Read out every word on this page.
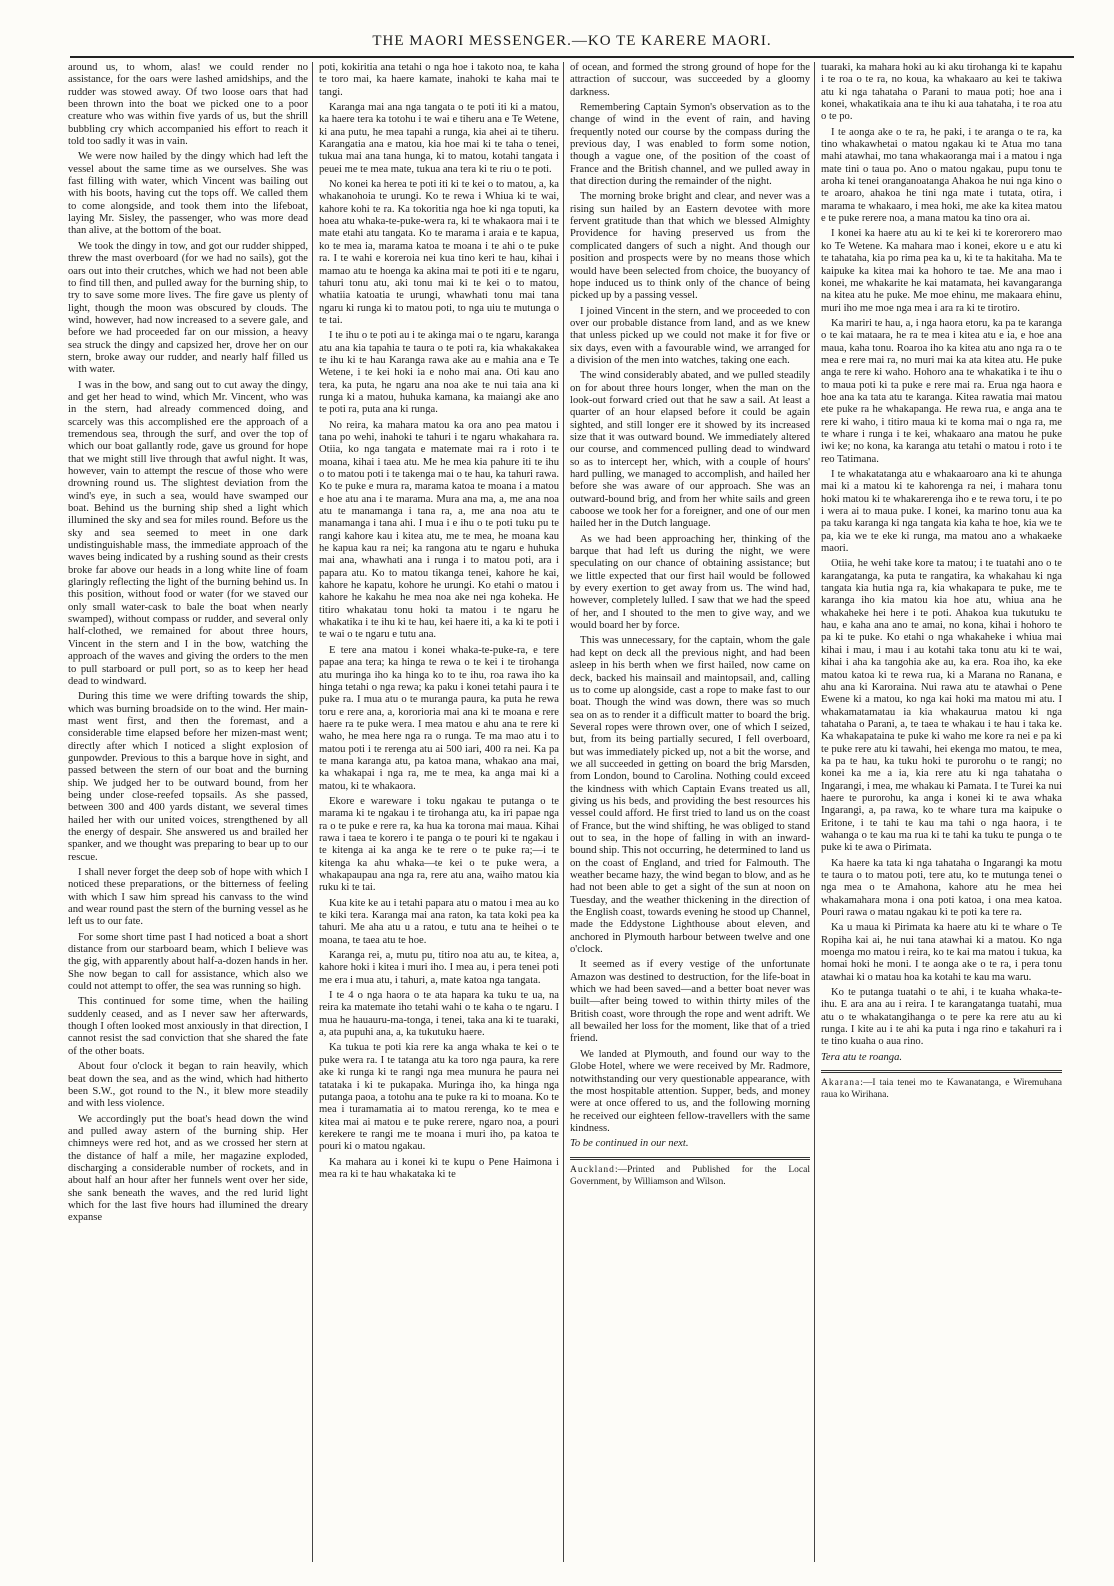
THE MAORI MESSENGER.—KO TE KARERE MAORI.

around us, to whom, alas! we could render no assistance, for the oars were lashed amidships, and the rudder was stowed away. Of two loose oars that had been thrown into the boat we picked one to a poor creature who was within five yards of us, but the shrill bubbling cry which accompanied his effort to reach it told too sadly it was in vain.

We were now hailed by the dingy which had left the vessel about the same time as we ourselves. She was fast filling with water, which Vincent was bailing out with his boots, having cut the tops off. We called them to come alongside, and took them into the lifeboat, laying Mr. Sisley, the passenger, who was more dead than alive, at the bottom of the boat.

We took the dingy in tow, and got our rudder shipped, threw the mast overboard (for we had no sails), got the oars out into their crutches, which we had not been able to find till then, and pulled away for the burning ship, to try to save some more lives. The fire gave us plenty of light, though the moon was obscured by clouds. The wind, however, had now increased to a severe gale, and before we had proceeded far on our mission, a heavy sea struck the dingy and capsized her, drove her on our stern, broke away our rudder, and nearly half filled us with water.

I was in the bow, and sang out to cut away the dingy, and get her head to wind, which Mr. Vincent, who was in the stern, had already commenced doing, and scarcely was this accomplished ere the approach of a tremendous sea, through the surf, and over the top of which our boat gallantly rode, gave us ground for hope that we might still live through that awful night. It was, however, vain to attempt the rescue of those who were drowning round us. The slightest deviation from the wind's eye, in such a sea, would have swamped our boat. Behind us the burning ship shed a light which illumined the sky and sea for miles round. Before us the sky and sea seemed to meet in one dark undistinguishable mass, the immediate approach of the waves being indicated by a rushing sound as their crests broke far above our heads in a long white line of foam glaringly reflecting the light of the burning behind us. In this position, without food or water (for we staved our only small water-cask to bale the boat when nearly swamped), without compass or rudder, and several only half-clothed, we remained for about three hours, Vincent in the stern and I in the bow, watching the approach of the waves and giving the orders to the men to pull starboard or pull port, so as to keep her head dead to windward.

During this time we were drifting towards the ship, which was burning broadside on to the wind. Her main-mast went first, and then the foremast, and a considerable time elapsed before her mizen-mast went; directly after which I noticed a slight explosion of gunpowder. Previous to this a barque hove in sight, and passed between the stern of our boat and the burning ship. We judged her to be outward bound, from her being under close-reefed topsails. As she passed, between 300 and 400 yards distant, we several times hailed her with our united voices, strengthened by all the energy of despair. She answered us and brailed her spanker, and we thought was preparing to bear up to our rescue.

I shall never forget the deep sob of hope with which I noticed these preparations, or the bitterness of feeling with which I saw him spread his canvass to the wind and wear round past the stern of the burning vessel as he left us to our fate.

For some short time past I had noticed a boat a short distance from our starboard beam, which I believe was the gig, with apparently about half-a-dozen hands in her. She now began to call for assistance, which also we could not attempt to offer, the sea was running so high.

This continued for some time, when the hailing suddenly ceased, and as I never saw her afterwards, though I often looked most anxiously in that direction, I cannot resist the sad conviction that she shared the fate of the other boats.

About four o'clock it began to rain heavily, which beat down the sea, and as the wind, which had hitherto been S.W., got round to the N., it blew more steadily and with less violence.

We accordingly put the boat's head down the wind and pulled away astern of the burning ship. Her chimneys were red hot, and as we crossed her stern at the distance of half a mile, her magazine exploded, discharging a considerable number of rockets, and in about half an hour after her funnels went over her side, she sank beneath the waves, and the red lurid light which for the last five hours had illumined the dreary expanse

poti, kokiritia ana tetahi o nga hoe i takoto noa, te kaha te toro mai, ka haere kamate, inahoki te kaha mai te tangi.

Karanga mai ana nga tangata o te poti iti ki a matou, ka haere tera ka totohu i te wai e tiheru ana e Te Wetene, ki ana putu, he mea tapahi a runga, kia ahei ai te tiheru. Karangatia ana e matou, kia hoe mai ki te taha o tenei, tukua mai ana tana hunga, ki to matou, kotahi tangata i peuei me te mea mate, tukua ana tera ki te riu o te poti.

No konei ka herea te poti iti ki te kei o to matou, a, ka whakanohoia te urungi. Ko te rewa i Whiua ki te wai, kahore kohi te ra. Ka tokoritia nga hoe ki nga toputi, ka hoea atu whaka-te-puke-wera ra, ki te whakaora mai i te mate etahi atu tangata. Ko te marama i araia e te kapua, ko te mea ia, marama katoa te moana i te ahi o te puke ra. I te wahi e koreroia nei kua tino keri te hau, kihai i mamao atu te hoenga ka akina mai te poti iti e te ngaru, tahuri tonu atu, aki tonu mai ki te kei o to matou, whatiia katoatia te urungi, whawhati tonu mai tana ngaru ki runga ki to matou poti, to nga uiu te mutunga o te tai.

I te ihu o te poti au i te akinga mai o te ngaru, karanga atu ana kia tapahia te taura o te poti ra, kia whakakakea te ihu ki te hau Karanga rawa ake au e mahia ana e Te Wetene, i te kei hoki ia e noho mai ana. Oti kau ano tera, ka puta, he ngaru ana noa ake te nui taia ana ki runga ki a matou, huhuka kamana, ka maiangi ake ano te poti ra, puta ana ki runga.

No reira, ka mahara matou ka ora ano pea matou i tana po wehi, inahoki te tahuri i te ngaru whakahara ra. Otiia, ko nga tangata e matemate mai ra i roto i te moana, kihai i taea atu. Me he mea kia pahure iti te ihu o to matou poti i te takenga mai o te hau, ka tahuri rawa. Ko te puke e mura ra, marama katoa te moana i a matou e hoe atu ana i te marama. Mura ana ma, a, me ana noa atu te manamanga i tana ra, a, me ana noa atu te manamanga i tana ahi. I mua i e ihu o te poti tuku pu te rangi kahore kau i kitea atu, me te mea, he moana kau he kapua kau ra nei; ka rangona atu te ngaru e huhuka mai ana, whawhati ana i runga i to matou poti, ara i papara atu. Ko to matou tikanga tenei, kahore he kai, kahore he kapatu, kohore he urungi. Ko etahi o matou i kahore he kakahu he mea noa ake nei nga koheka. He titiro whakatau tonu hoki ta matou i te ngaru he whakatika i te ihu ki te hau, kei haere iti, a ka ki te poti i te wai o te ngaru e tutu ana.

E tere ana matou i konei whaka-te-puke-ra, e tere papae ana tera; ka hinga te rewa o te kei i te tirohanga atu muringa iho ka hinga ko to te ihu, roa rawa iho ka hinga tetahi o nga rewa; ka paku i konei tetahi paura i te puke ra. I mua atu o te muranga paura, ka puta he rewa toru e rere ana, a, kororioria mai ana ki te moana e rere haere ra te puke wera. I mea matou e ahu ana te rere ki waho, he mea here nga ra o runga. Te ma mao atu i to matou poti i te rerenga atu ai 500 iari, 400 ra nei. Ka pa te mana karanga atu, pa katoa mana, whakao ana mai, ka whakapai i nga ra, me te mea, ka anga mai ki a matou, ki te whakaora.

Ekore e wareware i toku ngakau te putanga o te marama ki te ngakau i te tirohanga atu, ka iri papae nga ra o te puke e rere ra, ka hua ka torona mai maua. Kihai rawa i taea te korero i te panga o te pouri ki te ngakau i te kitenga ai ka anga ke te rere o te puke ra;—i te kitenga ka ahu whaka—te kei o te puke wera, a whakapaupau ana nga ra, rere atu ana, waiho matou kia ruku ki te tai.

Kua kite ke au i tetahi papara atu o matou i mea au ko te kiki tera. Karanga mai ana raton, ka tata koki pea ka tahuri. Me aha atu u a ratou, e tutu ana te heihei o te moana, te taea atu te hoe.

Karanga rei, a, mutu pu, titiro noa atu au, te kitea, a, kahore hoki i kitea i muri iho. I mea au, i pera tenei poti me era i mua atu, i tahuri, a, mate katoa nga tangata.

I te 4 o nga haora o te ata hapara ka tuku te ua, na reira ka matemate iho tetahi wahi o te kaha o te ngaru. I mua he hauauru-ma-tonga, i tenei, taka ana ki te tuaraki, a, ata pupuhi ana, a, ka tukutuku haere.

Ka tukua te poti kia rere ka anga whaka te kei o te puke wera ra. I te tatanga atu ka toro nga paura, ka rere ake ki runga ki te rangi nga mea munura he paura nei tatataka i ki te pukapaka. Muringa iho, ka hinga nga putanga paoa, a totohu ana te puke ra ki to moana. Ko te mea i turamamatia ai to matou rerenga, ko te mea e kitea mai ai matou e te puke rerere, ngaro noa, a pouri kerekere te rangi me te moana i muri iho, pa katoa te pouri ki o matou ngakau.

Ka mahara au i konei ki te kupu o Pene Haimona i mea ra ki te hau whakataka ki te

of ocean, and formed the strong ground of hope for the attraction of succour, was succeeded by a gloomy darkness.

Remembering Captain Symon's observation as to the change of wind in the event of rain, and having frequently noted our course by the compass during the previous day, I was enabled to form some notion, though a vague one, of the position of the coast of France and the British channel, and we pulled away in that direction during the remainder of the night.

The morning broke bright and clear, and never was a rising sun hailed by an Eastern devotee with more fervent gratitude than that which we blessed Almighty Providence for having preserved us from the complicated dangers of such a night. And though our position and prospects were by no means those which would have been selected from choice, the buoyancy of hope induced us to think only of the chance of being picked up by a passing vessel.

I joined Vincent in the stern, and we proceeded to con over our probable distance from land, and as we knew that unless picked up we could not make it for five or six days, even with a favourable wind, we arranged for a division of the men into watches, taking one each.

The wind considerably abated, and we pulled steadily on for about three hours longer, when the man on the look-out forward cried out that he saw a sail. At least a quarter of an hour elapsed before it could be again sighted, and still longer ere it showed by its increased size that it was outward bound. We immediately altered our course, and commenced pulling dead to windward so as to intercept her, which, with a couple of hours' hard pulling, we managed to accomplish, and hailed her before she was aware of our approach. She was an outward-bound brig, and from her white sails and green caboose we took her for a foreigner, and one of our men hailed her in the Dutch language.

As we had been approaching her, thinking of the barque that had left us during the night, we were speculating on our chance of obtaining assistance; but we little expected that our first hail would be followed by every exertion to get away from us. The wind had, however, completely lulled. I saw that we had the speed of her, and I shouted to the men to give way, and we would board her by force.

This was unnecessary, for the captain, whom the gale had kept on deck all the previous night, and had been asleep in his berth when we first hailed, now came on deck, backed his mainsail and maintopsail, and, calling us to come up alongside, cast a rope to make fast to our boat. Though the wind was down, there was so much sea on as to render it a difficult matter to board the brig. Several ropes were thrown over, one of which I seized, but, from its being partially secured, I fell overboard, but was immediately picked up, not a bit the worse, and we all succeeded in getting on board the brig Marsden, from London, bound to Carolina. Nothing could exceed the kindness with which Captain Evans treated us all, giving us his beds, and providing the best resources his vessel could afford. He first tried to land us on the coast of France, but the wind shifting, he was obliged to stand out to sea, in the hope of falling in with an inward-bound ship. This not occurring, he determined to land us on the coast of England, and tried for Falmouth. The weather became hazy, the wind began to blow, and as he had not been able to get a sight of the sun at noon on Tuesday, and the weather thickening in the direction of the English coast, towards evening he stood up Channel, made the Eddystone Lighthouse about eleven, and anchored in Plymouth harbour between twelve and one o'clock.

It seemed as if every vestige of the unfortunate Amazon was destined to destruction, for the life-boat in which we had been saved—and a better boat never was built—after being towed to within thirty miles of the British coast, wore through the rope and went adrift. We all bewailed her loss for the moment, like that of a tried friend.

We landed at Plymouth, and found our way to the Globe Hotel, where we were received by Mr. Radmore, notwithstanding our very questionable appearance, with the most hospitable attention. Supper, beds, and money were at once offered to us, and the following morning he received our eighteen fellow-travellers with the same kindness.

To be continued in our next.

Auckland:—Printed and Published for the Local Government, by Williamson and Wilson.

tuaraki, ka mahara hoki au ki aku tirohanga ki te kapahu i te roa o te ra, no koua, ka whakaaro au kei te takiwa atu ki nga tahataha o Parani to maua poti; hoe ana i konei, whakatikaia ana te ihu ki aua tahataha, i te roa atu o te po.

I te aonga ake o te ra, he paki, i te aranga o te ra, ka tino whakawhetai o matou ngakau ki te Atua mo tana mahi atawhai, mo tana whakaoranga mai i a matou i nga mate tini o taua po. Ano o matou ngakau, pupu tonu te aroha ki tenei oranganoatanga Ahakoa he nui nga kino o te aroaro, ahakoa he tini nga mate i tutata, otira, i marama te whakaaro, i mea hoki, me ake ka kitea matou e te puke rerere noa, a mana matou ka tino ora ai.

I konei ka haere atu au ki te kei ki te korerorero mao ko Te Wetene. Ka mahara mao i konei, ekore u e atu ki te tahataha, kia po rima pea ka u, ki te ta hakitaha. Ma te kaipuke ka kitea mai ka hohoro te tae. Me ana mao i konei, me whakarite he kai matamata, hei kavangaranga na kitea atu he puke. Me moe ehinu, me makaara ehinu, muri iho me moe nga mea i ara ra ki te tirotiro.

Ka mariri te hau, a, i nga haora etoru, ka pa te karanga o te kai mataara, he ra te mea i kitea atu e ia, e hoe ana maua, kaha tonu. Roaroa iho ka kitea atu ano nga ra o te mea e rere mai ra, no muri mai ka ata kitea atu. He puke anga te rere ki waho. Hohoro ana te whakatika i te ihu o to maua poti ki ta puke e rere mai ra. Erua nga haora e hoe ana ka tata atu te karanga. Kitea rawatia mai matou ete puke ra he whakapanga. He rewa rua, e anga ana te rere ki waho, i titiro maua ki te koma mai o nga ra, me te whare i runga i te kei, whakaaro ana matou he puke iwi ke; no kona, ka karanga atu tetahi o matou i roto i te reo Tatimana.

I te whakatatanga atu e whakaaroaro ana ki te ahunga mai ki a matou ki te kahorenga ra nei, i mahara tonu hoki matou ki te whakarerenga iho e te rewa toru, i te po i wera ai to maua puke. I konei, ka marino tonu aua ka pa taku karanga ki nga tangata kia kaha te hoe, kia we te pa, kia we te eke ki runga, ma matou ano a whakaeke maori.

Otiia, he wehi take kore ta matou; i te tuatahi ano o te karangatanga, ka puta te rangatira, ka whakahau ki nga tangata kia hutia nga ra, kia whakapara te puke, me te karanga iho kia matou kia hoe atu, whiua ana he whakaheke hei here i te poti. Ahakoa kua tukutuku te hau, e kaha ana ano te amai, no kona, kihai i hohoro te pa ki te puke. Ko etahi o nga whakaheke i whiua mai kihai i mau, i mau i au kotahi taka tonu atu ki te wai, kihai i aha ka tangohia ake au, ka era. Roa iho, ka eke matou katoa ki te rewa rua, ki a Marana no Ranana, e ahu ana ki Karoraina. Nui rawa atu te atawhai o Pene Ewene ki a matou, ko nga kai hoki ma matou mi atu. I whakamatamatau ia kia whakaurua matou ki nga tahataha o Parani, a, te taea te whakau i te hau i taka ke. Ka whakapataina te puke ki waho me kore ra nei e pa ki te puke rere atu ki tawahi, hei ekenga mo matou, te mea, ka pa te hau, ka tuku hoki te purorohu o te rangi; no konei ka me a ia, kia rere atu ki nga tahataha o Ingarangi, i mea, me whakau ki Pamata. I te Turei ka nui haere te purorohu, ka anga i konei ki te awa whaka Ingarangi, a, pa rawa, ko te whare tura ma kaipuke o Eritone, i te tahi te kau ma tahi o nga haora, i te wahanga o te kau ma rua ki te tahi ka tuku te punga o te puke ki te awa o Pirimata.

Ka haere ka tata ki nga tahataha o Ingarangi ka motu te taura o to matou poti, tere atu, ko te mutunga tenei o nga mea o te Amahona, kahore atu he mea hei whakamahara mona i ona poti katoa, i ona mea katoa. Pouri rawa o matau ngakau ki te poti ka tere ra.

Ka u maua ki Pirimata ka haere atu ki te whare o Te Ropiha kai ai, he nui tana atawhai ki a matou. Ko nga moenga mo matou i reira, ko te kai ma matou i tukua, ka homai hoki he moni. I te aonga ake o te ra, i pera tonu atawhai ki o matau hoa ka kotahi te kau ma waru.

Ko te putanga tuatahi o te ahi, i te kuaha whaka-te-ihu. E ara ana au i reira. I te karangatanga tuatahi, mua atu o te whakatangihanga o te pere ka rere atu au ki runga. I kite au i te ahi ka puta i nga rino e takahuri ra i te tino kuaha o aua rino.

Tera atu te roanga.

Akarana:—I taia tenei mo te Kawanatanga, e Wiremuhana raua ko Wirihana.
